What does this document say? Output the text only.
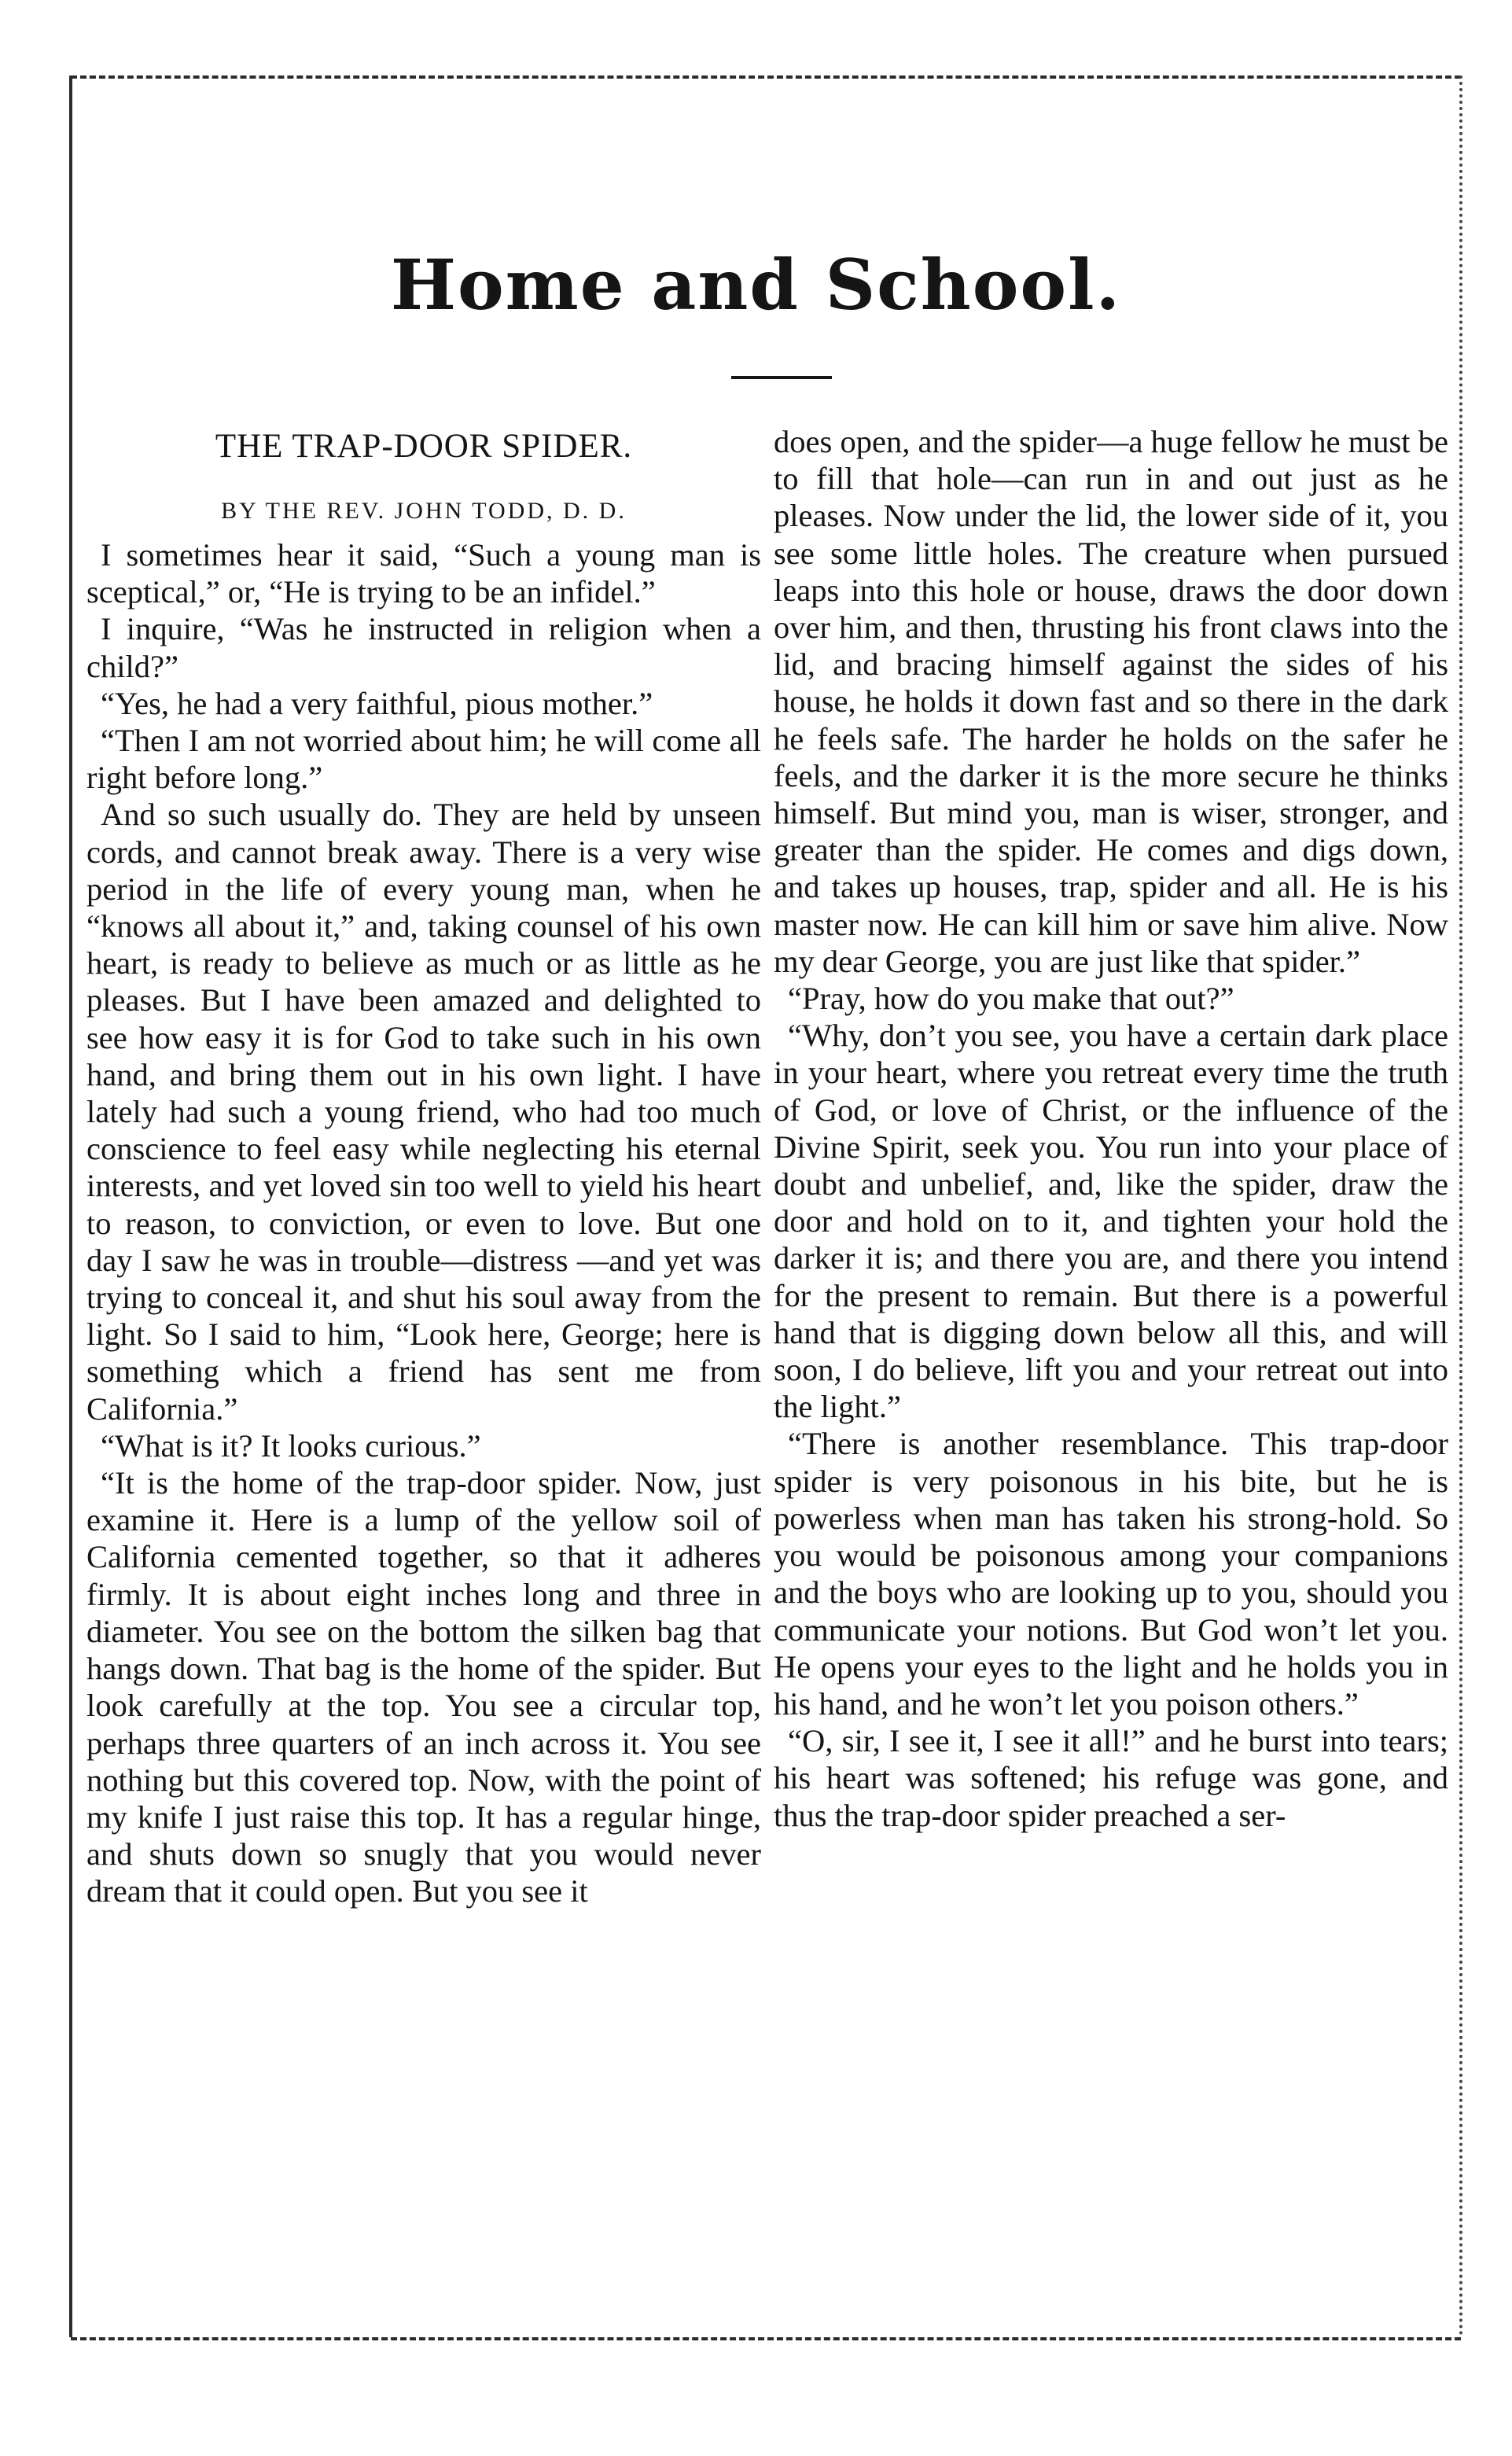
Home and School.
THE TRAP-DOOR SPIDER.
BY THE REV. JOHN TODD, D. D.

I sometimes hear it said, “Such a young man is sceptical,” or, “He is trying to be an infidel.”

I inquire, “Was he instructed in religion when a child?”

“Yes, he had a very faithful, pious mother.”

“Then I am not worried about him; he will come all right before long.”

And so such usually do. They are held by unseen cords, and cannot break away. There is a very wise period in the life of every young man, when he “knows all about it,” and, taking counsel of his own heart, is ready to believe as much or as little as he pleases. But I have been amazed and delighted to see how easy it is for God to take such in his own hand, and bring them out in his own light. I have lately had such a young friend, who had too much conscience to feel easy while neglecting his eternal interests, and yet loved sin too well to yield his heart to reason, to conviction, or even to love. But one day I saw he was in trouble—distress —and yet was trying to conceal it, and shut his soul away from the light. So I said to him, “Look here, George; here is something which a friend has sent me from California.”

“What is it? It looks curious.”

“It is the home of the trap-door spider. Now, just examine it. Here is a lump of the yellow soil of California cemented together, so that it adheres firmly. It is about eight inches long and three in diameter. You see on the bottom the silken bag that hangs down. That bag is the home of the spider. But look carefully at the top. You see a circular top, perhaps three quarters of an inch across it. You see nothing but this covered top. Now, with the point of my knife I just raise this top. It has a regular hinge, and shuts down so snugly that you would never dream that it could open. But you see it

does open, and the spider—a huge fellow he must be to fill that hole—can run in and out just as he pleases. Now under the lid, the lower side of it, you see some little holes. The creature when pursued leaps into this hole or house, draws the door down over him, and then, thrusting his front claws into the lid, and bracing himself against the sides of his house, he holds it down fast and so there in the dark he feels safe. The harder he holds on the safer he feels, and the darker it is the more secure he thinks himself. But mind you, man is wiser, stronger, and greater than the spider. He comes and digs down, and takes up houses, trap, spider and all. He is his master now. He can kill him or save him alive. Now my dear George, you are just like that spider.”

“Pray, how do you make that out?”

“Why, don’t you see, you have a certain dark place in your heart, where you retreat every time the truth of God, or love of Christ, or the influence of the Divine Spirit, seek you. You run into your place of doubt and unbelief, and, like the spider, draw the door and hold on to it, and tighten your hold the darker it is; and there you are, and there you intend for the present to remain. But there is a powerful hand that is digging down below all this, and will soon, I do believe, lift you and your retreat out into the light.”

“There is another resemblance. This trap-door spider is very poisonous in his bite, but he is powerless when man has taken his strong-hold. So you would be poisonous among your companions and the boys who are looking up to you, should you communicate your notions. But God won’t let you. He opens your eyes to the light and he holds you in his hand, and he won’t let you poison others.”

“O, sir, I see it, I see it all!” and he burst into tears; his heart was softened; his refuge was gone, and thus the trap-door spider preached a ser-
